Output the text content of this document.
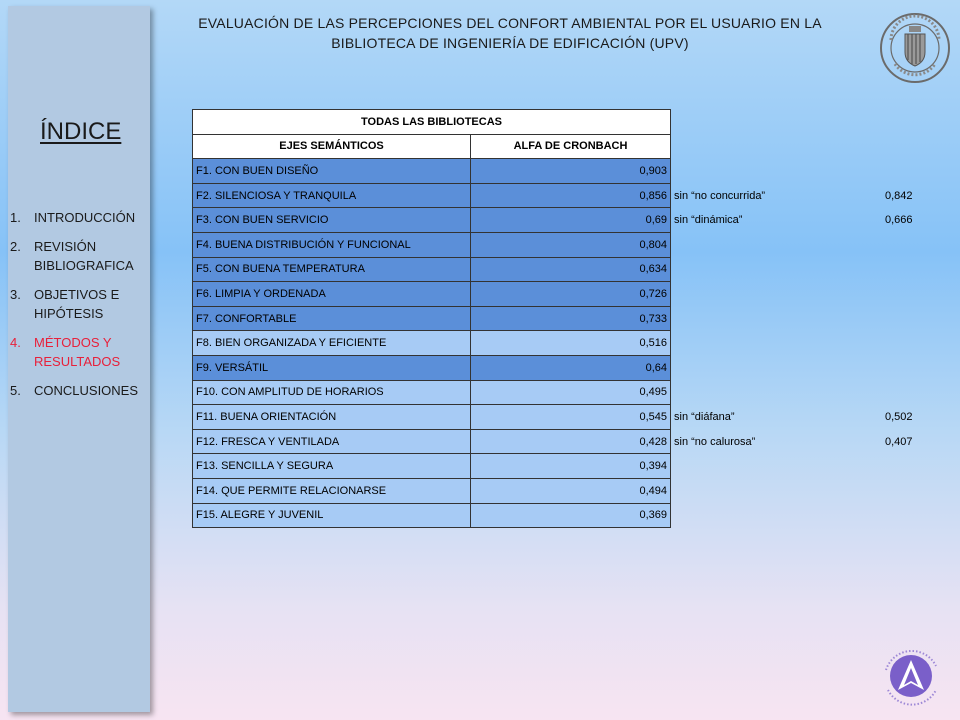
ÍNDICE
1.	INTRODUCCIÓN
2.	REVISIÓN BIBLIOGRAFICA
3.	OBJETIVOS E HIPÓTESIS
4.	MÉTODOS Y RESULTADOS
5.	CONCLUSIONES
EVALUACIÓN DE LAS PERCEPCIONES DEL CONFORT AMBIENTAL POR EL USUARIO EN LA
BIBLIOTECA DE INGENIERÍA DE EDIFICACIÓN (UPV)
TODAS LAS BIBLIOTECAS			
EJES SEMÁNTICOS	ALFA DE CRONBACH		
F1. CON BUEN DISEÑO	0,903		
F2. SILENCIOSA Y TRANQUILA	0,856	sin “no concurrida”	0,842
F3. CON BUEN SERVICIO	0,69	sin “dinámica”	0,666
F4. BUENA DISTRIBUCIÓN Y FUNCIONAL	0,804		
F5. CON BUENA TEMPERATURA	0,634		
F6. LIMPIA Y ORDENADA	0,726		
F7. CONFORTABLE	0,733		
F8. BIEN ORGANIZADA Y EFICIENTE	0,516		
F9. VERSÁTIL	0,64		
F10. CON AMPLITUD DE HORARIOS	0,495		
F11. BUENA ORIENTACIÓN	0,545	sin “diáfana”	0,502
F12. FRESCA Y VENTILADA	0,428	sin “no calurosa”	0,407
F13. SENCILLA Y SEGURA	0,394		
F14. QUE PERMITE RELACIONARSE	0,494		
F15. ALEGRE Y JUVENIL	0,369		
